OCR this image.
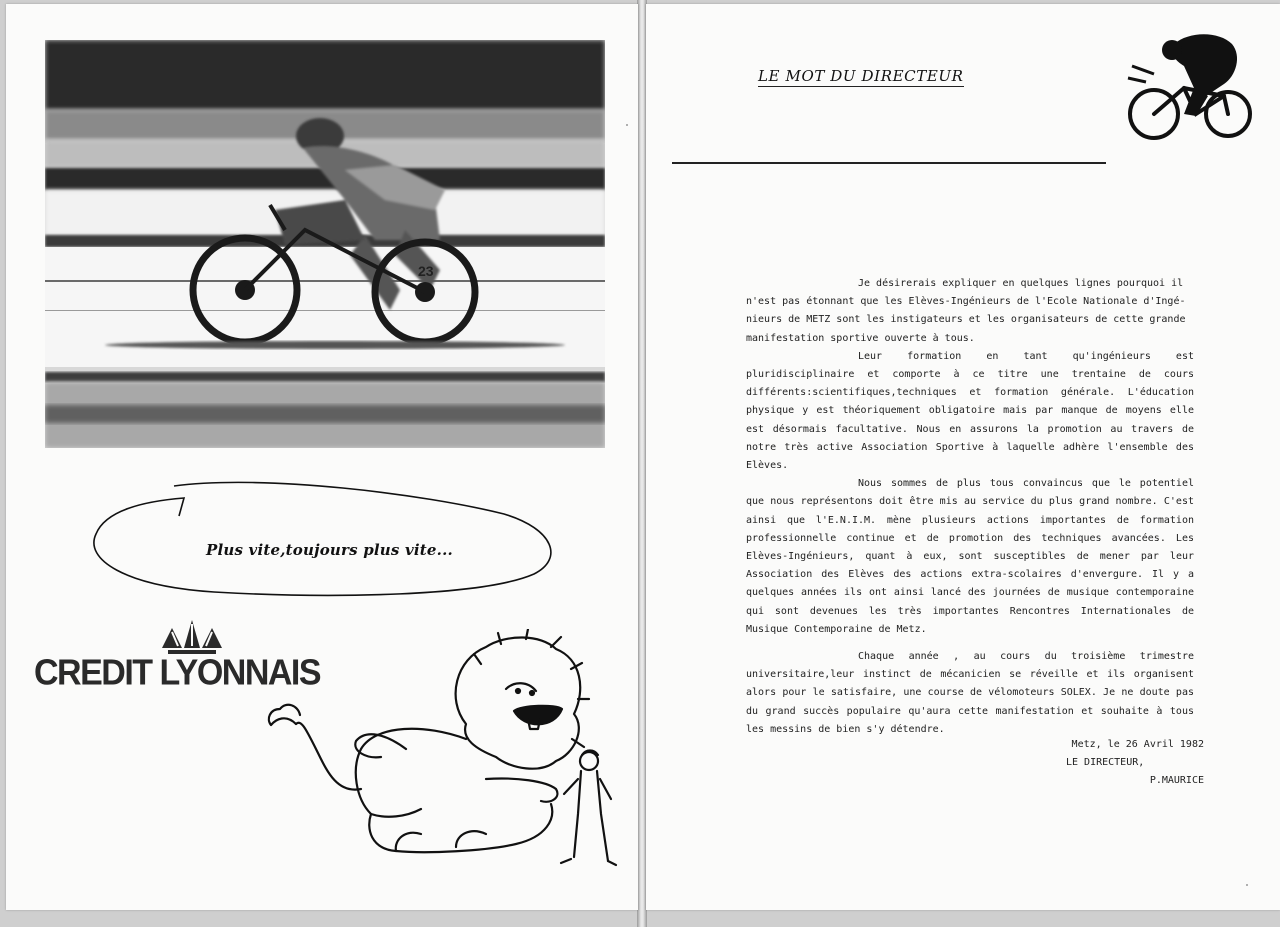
23
Plus vite,toujours plus vite...
CREDIT LYONNAIS
LE MOT DU DIRECTEUR

Je désirerais expliquer en quelques lignes pourquoi il
n'est pas étonnant que les Elèves-Ingénieurs de l'Ecole Nationale d'Ingé-
nieurs de METZ sont les instigateurs et les organisateurs de cette grande
manifestation sportive ouverte à tous.

Leur formation en tant qu'ingénieurs est pluridisciplinaire et comporte à ce titre une trentaine de cours différents:scientifiques,techniques et formation générale. L'éducation physique y est théoriquement obligatoire mais par manque de moyens elle est désormais facultative. Nous en assurons la promotion au travers de notre très active Association Sportive à laquelle adhère l'ensemble des Elèves.

Nous sommes de plus tous convaincus que le potentiel que nous représentons doit être mis au service du plus grand nombre. C'est ainsi que l'E.N.I.M. mène plusieurs actions importantes de formation professionnelle continue et de promotion des techniques avancées. Les Elèves-Ingénieurs, quant à eux, sont susceptibles de mener par leur Association des Elèves des actions extra-scolaires d'envergure. Il y a quelques années ils ont ainsi lancé des journées de musique contemporaine qui sont devenues les très importantes Rencontres Internationales de Musique Contemporaine de Metz.

Chaque année , au cours du troisième trimestre universitaire,leur instinct de mécanicien se réveille et ils organisent alors pour le satisfaire, une course de vélomoteurs SOLEX. Je ne doute pas du grand succès populaire qu'aura cette manifestation et souhaite à tous les messins de bien s'y détendre.

Metz, le 26 Avril 1982
LE DIRECTEUR,
P.MAURICE
